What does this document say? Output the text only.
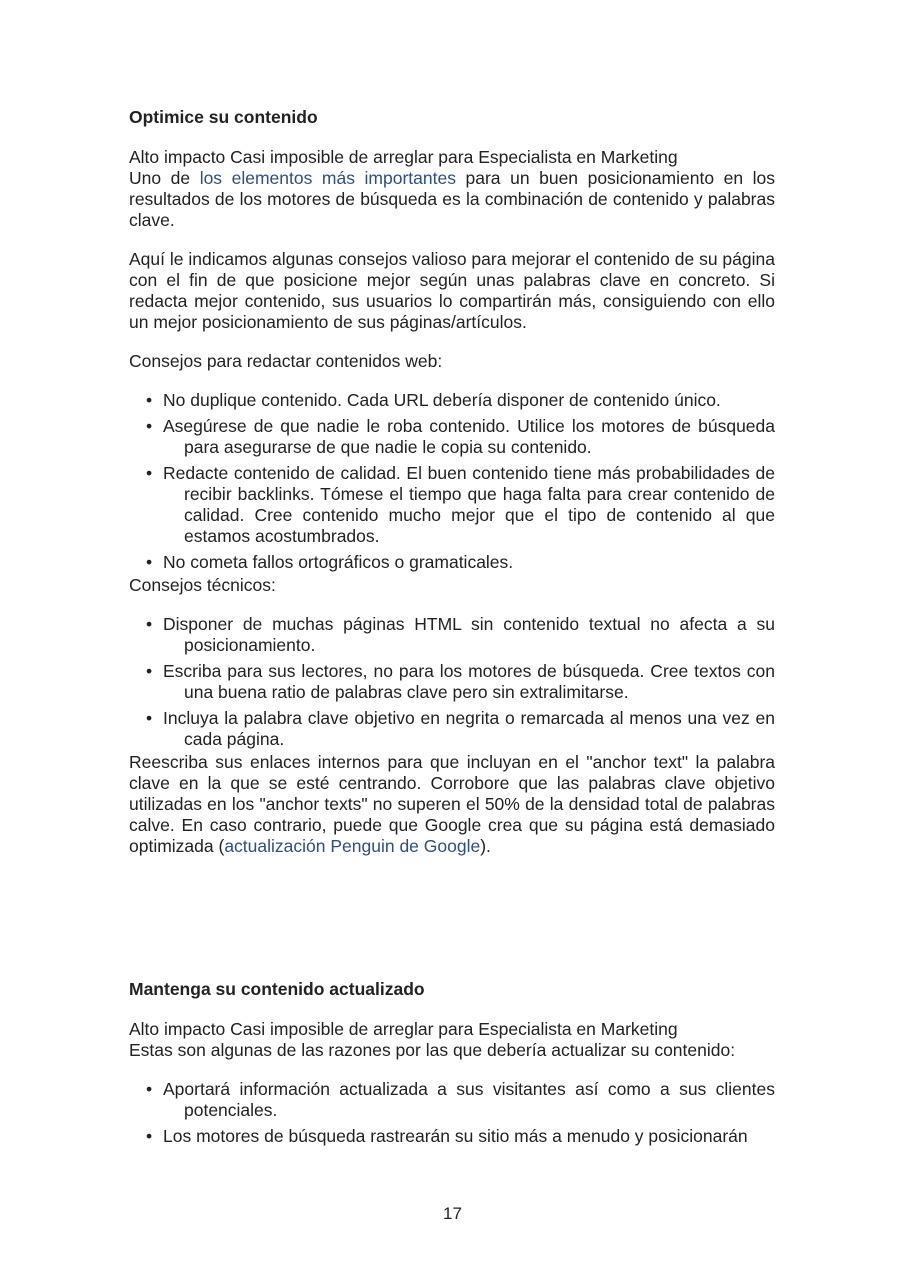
Optimice su contenido
Alto impacto Casi imposible de arreglar para Especialista en Marketing
Uno de los elementos más importantes para un buen posicionamiento en los resultados de los motores de búsqueda es la combinación de contenido y palabras clave.
Aquí le indicamos algunas consejos valioso para mejorar el contenido de su página con el fin de que posicione mejor según unas palabras clave en concreto. Si redacta mejor contenido, sus usuarios lo compartirán más, consiguiendo con ello un mejor posicionamiento de sus páginas/artículos.
Consejos para redactar contenidos web:
• No duplique contenido. Cada URL debería disponer de contenido único.
• Asegúrese de que nadie le roba contenido. Utilice los motores de búsqueda para asegurarse de que nadie le copia su contenido.
• Redacte contenido de calidad. El buen contenido tiene más probabilidades de recibir backlinks. Tómese el tiempo que haga falta para crear contenido de calidad. Cree contenido mucho mejor que el tipo de contenido al que estamos acostumbrados.
• No cometa fallos ortográficos o gramaticales.
Consejos técnicos:
• Disponer de muchas páginas HTML sin contenido textual no afecta a su posicionamiento.
• Escriba para sus lectores, no para los motores de búsqueda. Cree textos con una buena ratio de palabras clave pero sin extralimitarse.
• Incluya la palabra clave objetivo en negrita o remarcada al menos una vez en cada página.
Reescriba sus enlaces internos para que incluyan en el "anchor text" la palabra clave en la que se esté centrando. Corrobore que las palabras clave objetivo utilizadas en los "anchor texts" no superen el 50% de la densidad total de palabras calve. En caso contrario, puede que Google crea que su página está demasiado optimizada (actualización Penguin de Google).
Mantenga su contenido actualizado
Alto impacto Casi imposible de arreglar para Especialista en Marketing
Estas son algunas de las razones por las que debería actualizar su contenido:
• Aportará información actualizada a sus visitantes así como a sus clientes potenciales.
• Los motores de búsqueda rastrearán su sitio más a menudo y posicionarán
17
